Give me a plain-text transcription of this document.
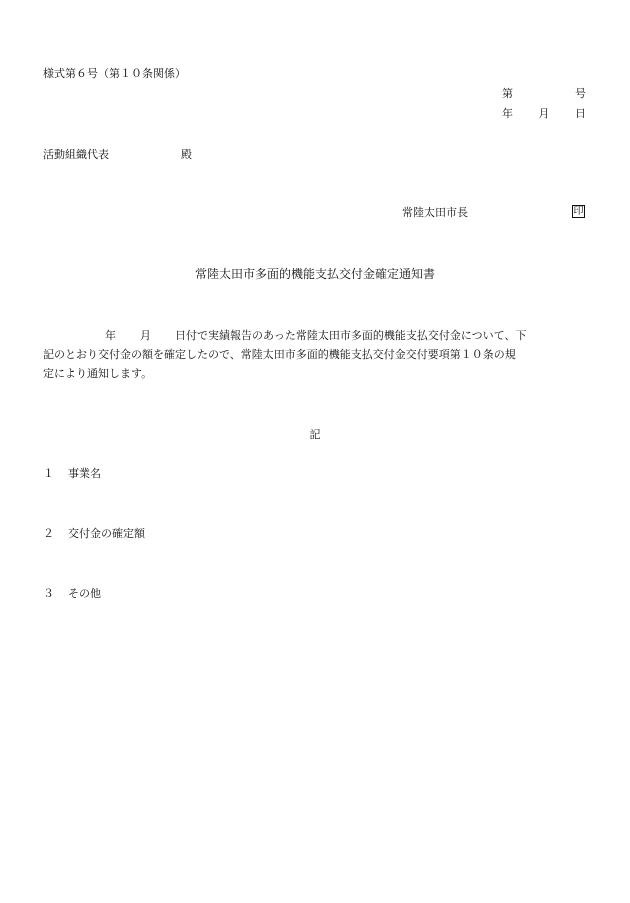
様式第６号（第１０条関係）
第	号
年 月 日
活動組織代表	殿
常陸太田市長	印
常陸太田市多面的機能支払交付金確定通知書
年 月 日付で実績報告のあった常陸太田市多面的機能支払交付金について、下
記のとおり交付金の額を確定したので、常陸太田市多面的機能支払交付金交付要項第１０条の規
定により通知します。
記
１ 事業名
２ 交付金の確定額
３ その他
